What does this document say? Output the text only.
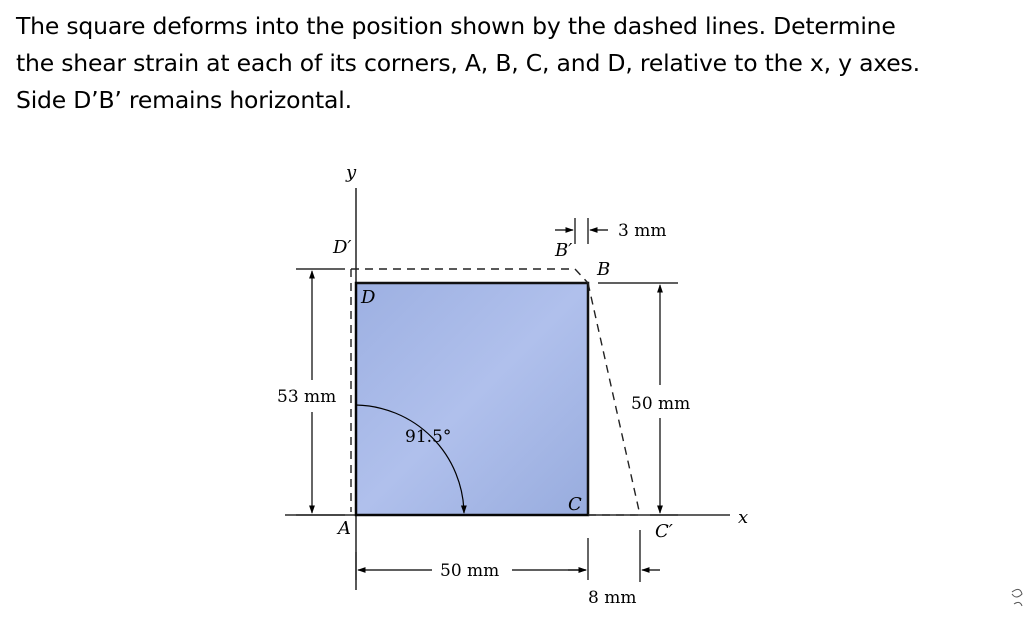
The square deforms into the position shown by the dashed lines. Determine
the shear strain at each of its corners, A, B, C, and D, relative to the x, y axes.
Side D’B’ remains horizontal.
y
x
D′
D
B′
B
C
A	C′
3 mm
53 mm	50 mm
91.5°
50 mm
8 mm
